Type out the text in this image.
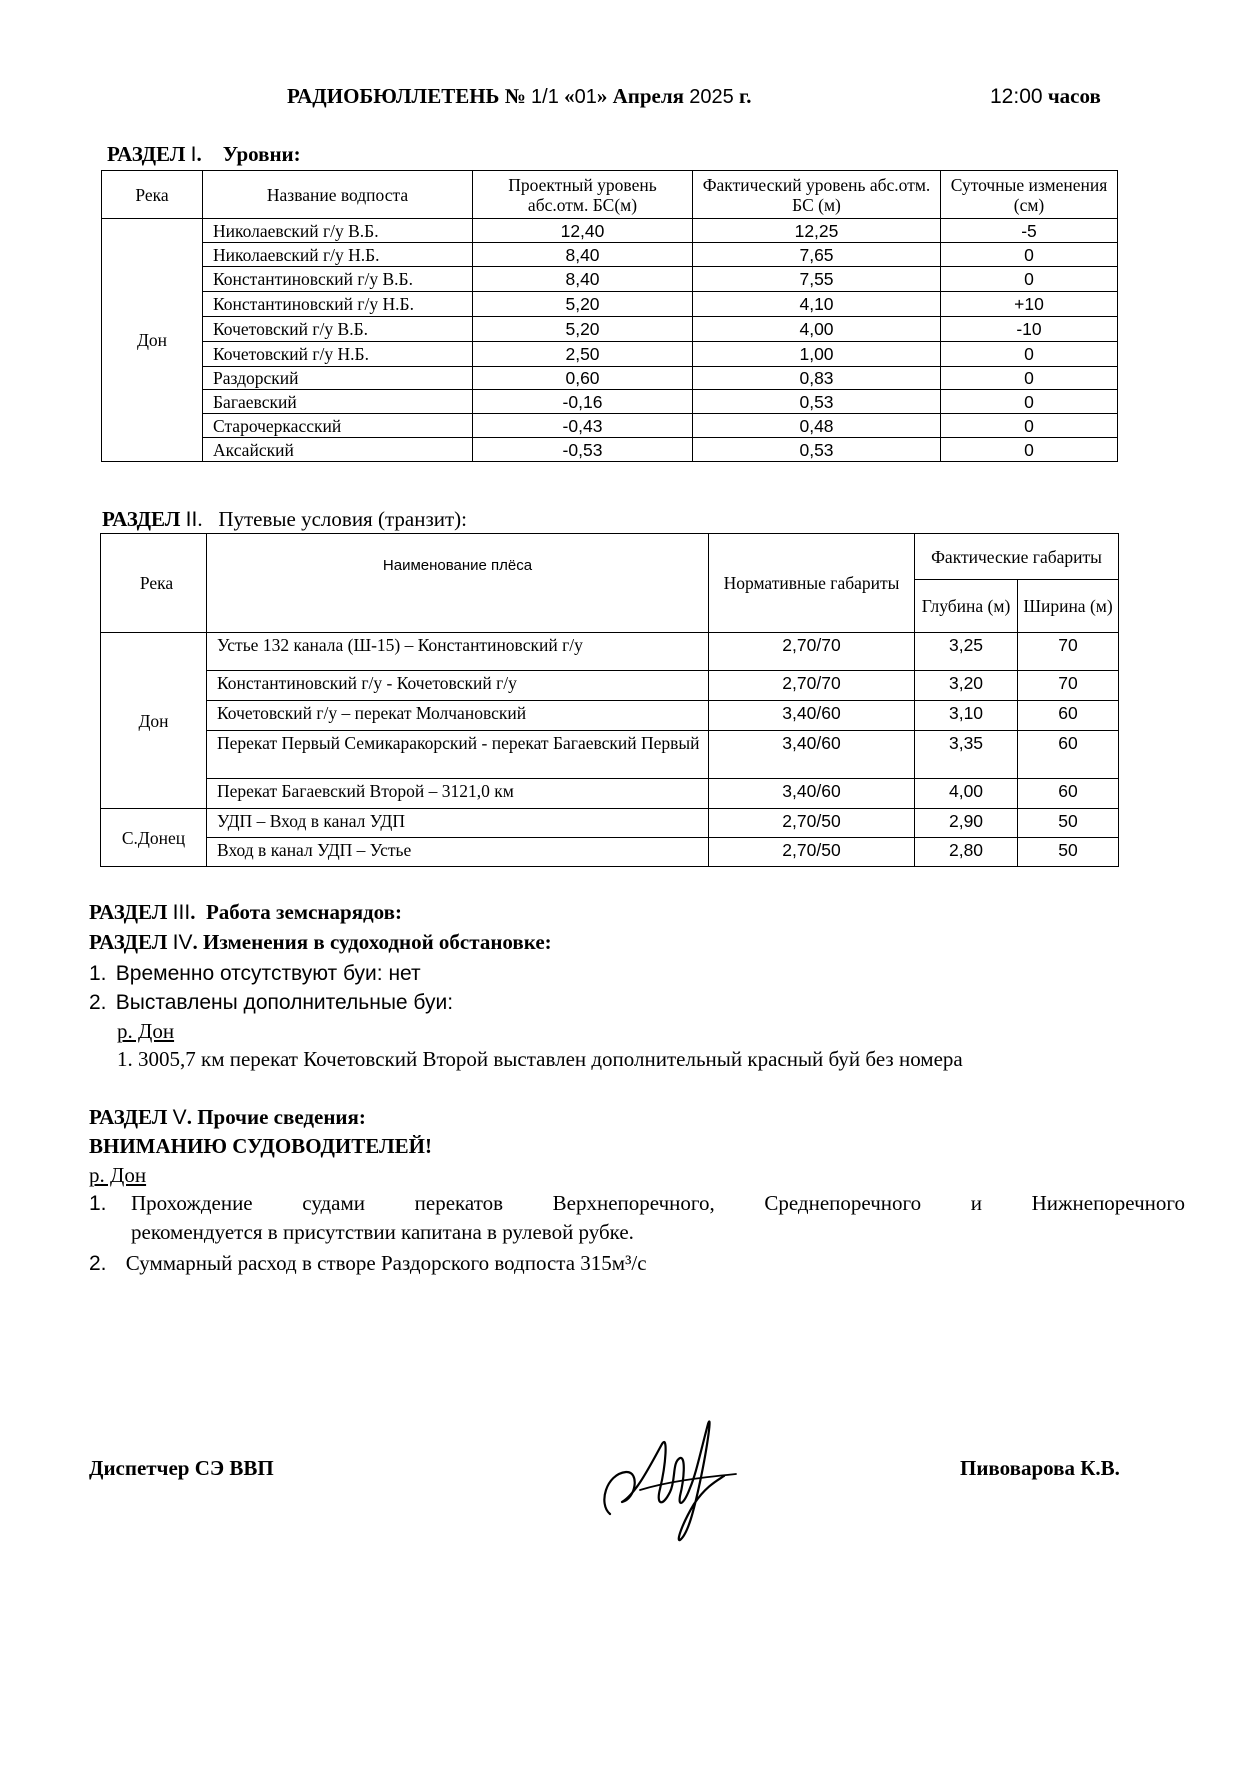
РАДИОБЮЛЛЕТЕНЬ № 1/1 «01» Апреля 2025 г.	12:00 часов
РАЗДЕЛ I.    Уровни:
Река	Название водпоста	Проектный уровень абс.отм. БС(м)	Фактический уровень абс.отм. БС (м)	Суточные изменения (см)
Дон	Николаевский г/у В.Б.	12,40	12,25	-5
	Николаевский г/у Н.Б.	8,40	7,65	0
	Константиновский г/у В.Б.	8,40	7,55	0
	Константиновский г/у Н.Б.	5,20	4,10	+10
	Кочетовский г/у В.Б.	5,20	4,00	-10
	Кочетовский г/у Н.Б.	2,50	1,00	0
	Раздорский	0,60	0,83	0
	Багаевский	-0,16	0,53	0
	Старочеркасский	-0,43	0,48	0
	Аксайский	-0,53	0,53	0
РАЗДЕЛ II.   Путевые условия (транзит):
Река	Наименование плёса	Нормативные габариты	Фактические габариты	
			Глубина (м)	Ширина (м)
Дон	Устье 132 канала (Ш-15) – Константиновский г/у	2,70/70	3,25	70
	Константиновский г/у - Кочетовский г/у	2,70/70	3,20	70
	Кочетовский г/у – перекат Молчановский	3,40/60	3,10	60
	Перекат Первый Семикаракорский - перекат Багаевский Первый	3,40/60	3,35	60
	Перекат Багаевский Второй – 3121,0 км	3,40/60	4,00	60
С.Донец	УДП – Вход в канал УДП	2,70/50	2,90	50
	Вход в канал УДП – Устье	2,70/50	2,80	50
РАЗДЕЛ III.  Работа земснарядов:
РАЗДЕЛ IV. Изменения в судоходной обстановке:
1. Временно отсутствуют буи: нет
2. Выставлены дополнительные буи:
р. Дон
1. 3005,7 км перекат Кочетовский Второй выставлен дополнительный красный буй без номера
РАЗДЕЛ V. Прочие сведения:
ВНИМАНИЮ СУДОВОДИТЕЛЕЙ!
р. Дон
1. Прохождение судами перекатов Верхнепоречного, Среднепоречного и Нижнепоречного
рекомендуется в присутствии капитана в рулевой рубке.
2. Суммарный расход в створе Раздорского водпоста 315м³/с
Диспетчер СЭ ВВП	Пивоварова К.В.
